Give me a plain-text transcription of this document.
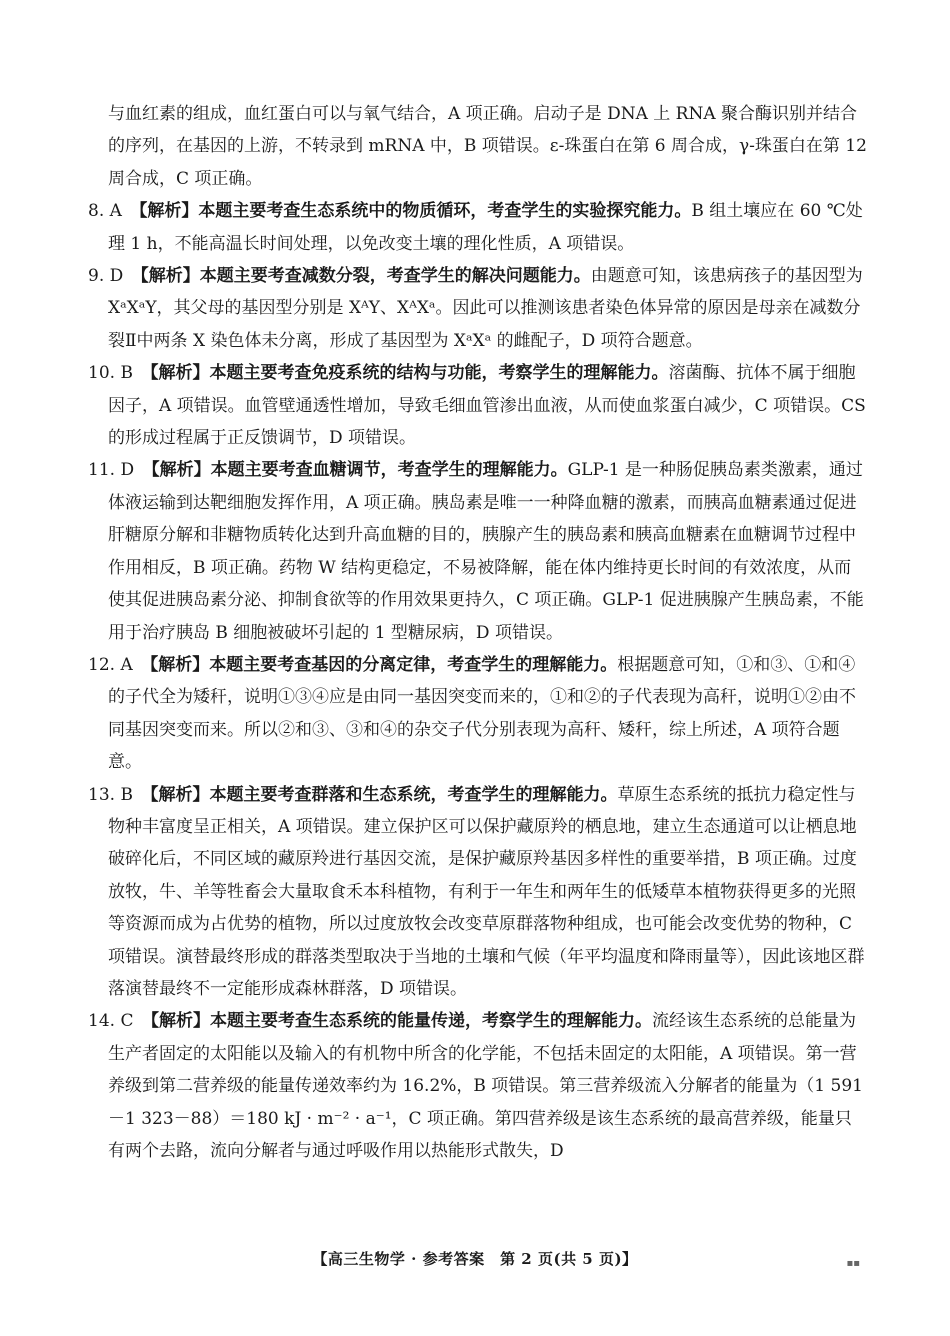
与血红素的组成，血红蛋白可以与氧气结合，A 项正确。启动子是 DNA 上 RNA 聚合酶识别并结合的序列，在基因的上游，不转录到 mRNA 中，B 项错误。ε-珠蛋白在第 6 周合成，γ-珠蛋白在第 12 周合成，C 项正确。
8. A　【解析】本题主要考查生态系统中的物质循环，考查学生的实验探究能力。B 组土壤应在 60 ℃处理 1 h，不能高温长时间处理，以免改变土壤的理化性质，A 项错误。
9. D　【解析】本题主要考查减数分裂，考查学生的解决问题能力。由题意可知，该患病孩子的基因型为 XᵃXᵃY，其父母的基因型分别是 XᴬY、XᴬXᵃ。因此可以推测该患者染色体异常的原因是母亲在减数分裂Ⅱ中两条 X 染色体未分离，形成了基因型为 XᵃXᵃ 的雌配子，D 项符合题意。
10. B　【解析】本题主要考查免疫系统的结构与功能，考察学生的理解能力。溶菌酶、抗体不属于细胞因子，A 项错误。血管壁通透性增加，导致毛细血管渗出血液，从而使血浆蛋白减少，C 项错误。CS 的形成过程属于正反馈调节，D 项错误。
11. D　【解析】本题主要考查血糖调节，考查学生的理解能力。GLP-1 是一种肠促胰岛素类激素，通过体液运输到达靶细胞发挥作用，A 项正确。胰岛素是唯一一种降血糖的激素，而胰高血糖素通过促进肝糖原分解和非糖物质转化达到升高血糖的目的，胰腺产生的胰岛素和胰高血糖素在血糖调节过程中作用相反，B 项正确。药物 W 结构更稳定，不易被降解，能在体内维持更长时间的有效浓度，从而使其促进胰岛素分泌、抑制食欲等的作用效果更持久，C 项正确。GLP-1 促进胰腺产生胰岛素，不能用于治疗胰岛 B 细胞被破坏引起的 1 型糖尿病，D 项错误。
12. A　【解析】本题主要考查基因的分离定律，考查学生的理解能力。根据题意可知，①和③、①和④的子代全为矮秆，说明①③④应是由同一基因突变而来的，①和②的子代表现为高秆，说明①②由不同基因突变而来。所以②和③、③和④的杂交子代分别表现为高秆、矮秆，综上所述，A 项符合题意。
13. B　【解析】本题主要考查群落和生态系统，考查学生的理解能力。草原生态系统的抵抗力稳定性与物种丰富度呈正相关，A 项错误。建立保护区可以保护藏原羚的栖息地，建立生态通道可以让栖息地破碎化后，不同区域的藏原羚进行基因交流，是保护藏原羚基因多样性的重要举措，B 项正确。过度放牧，牛、羊等牲畜会大量取食禾本科植物，有利于一年生和两年生的低矮草本植物获得更多的光照等资源而成为占优势的植物，所以过度放牧会改变草原群落物种组成，也可能会改变优势的物种，C 项错误。演替最终形成的群落类型取决于当地的土壤和气候（年平均温度和降雨量等），因此该地区群落演替最终不一定能形成森林群落，D 项错误。
14. C　【解析】本题主要考查生态系统的能量传递，考察学生的理解能力。流经该生态系统的总能量为生产者固定的太阳能以及输入的有机物中所含的化学能，不包括未固定的太阳能，A 项错误。第一营养级到第二营养级的能量传递效率约为 16.2%，B 项错误。第三营养级流入分解者的能量为（1 591－1 323－88）＝180 kJ · m⁻² · a⁻¹，C 项正确。第四营养级是该生态系统的最高营养级，能量只有两个去路，流向分解者与通过呼吸作用以热能形式散失，D
【高三生物学 · 参考答案　第 2 页(共 5 页)】	▪▪
